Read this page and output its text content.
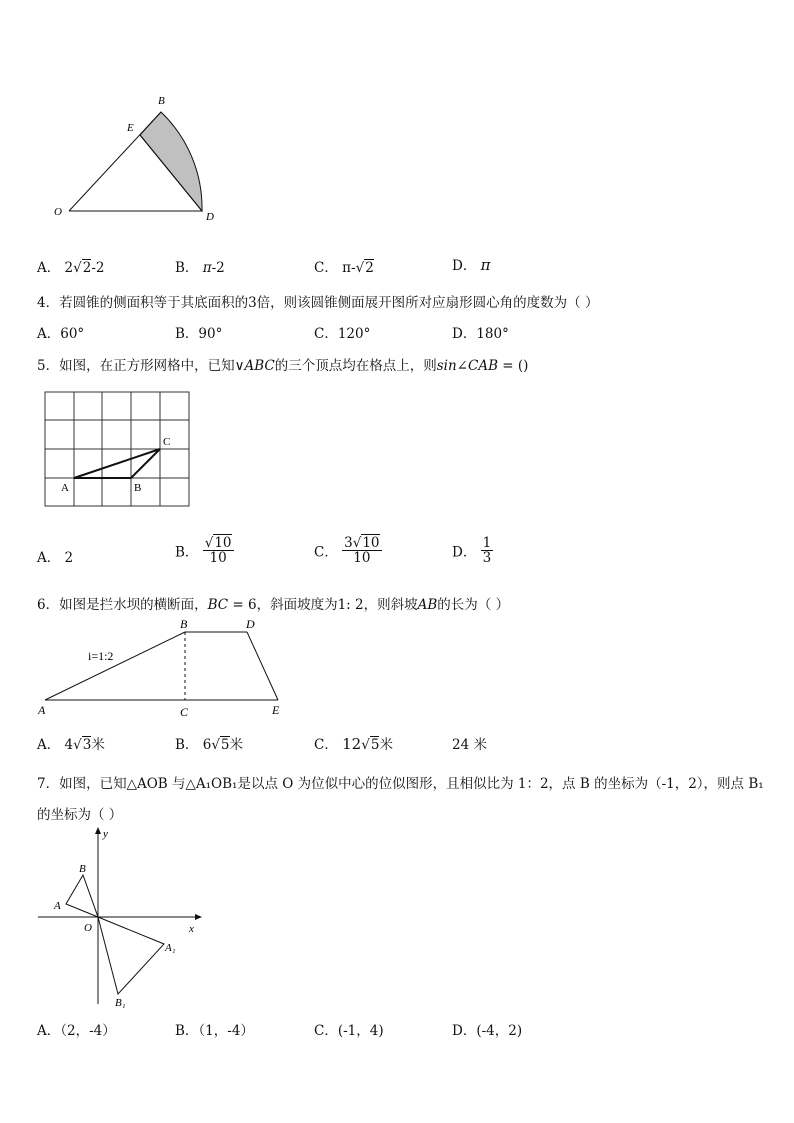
B
E
O	D
A． 2√2-2	B． π-2	C． π-√2	D． π
4．若圆锥的侧面积等于其底面积的3倍，则该圆锥侧面展开图所对应扇形圆心角的度数为（ ）
A．60°	B．90°	C．120°	D．180°
5．如图，在正方形网格中，已知∨ABC的三个顶点均在格点上，则sin∠CAB = ()
A	B
C
A． 2	B． $\frac{√10}{10}$	C． $\frac{3√10}{10}$	D． $\frac{1}{3}$
6．如图是拦水坝的横断面，BC = 6，斜面坡度为1: 2，则斜坡AB的长为（ ）
i=1:2
B	D
A	C	E
A． 4√3米	B． 6√5米	C． 12√5米	24 米
7．如图，已知△AOB 与△A₁OB₁是以点 O 为位似中心的位似图形，且相似比为 1：2，点 B 的坐标为（-1，2），则点 B₁
的坐标为（ ）
y
x
O
A
B
A₁
B₁
A．（2，-4）	B．（1，-4）	C．(-1，4)	D．(-4，2)
